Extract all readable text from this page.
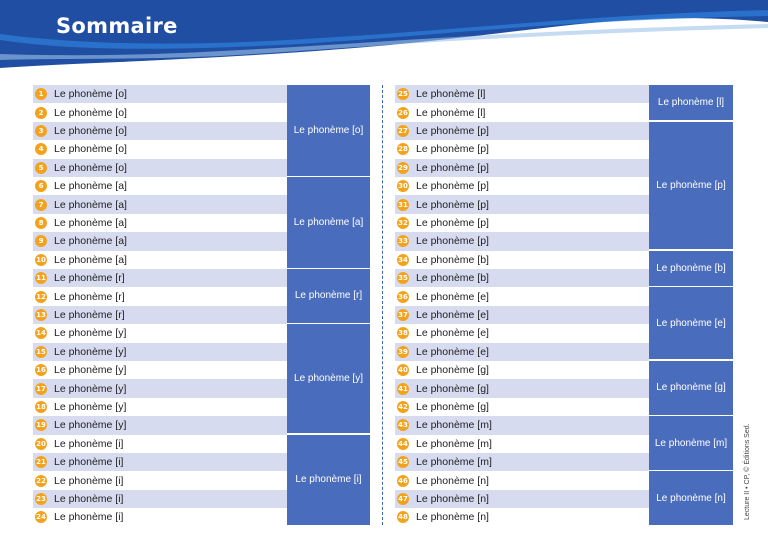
Sommaire
1	Le phonème [o]
2	Le phonème [o]
3	Le phonème [o]
4	Le phonème [o]
5	Le phonème [o]
6	Le phonème [a]
7	Le phonème [a]
8	Le phonème [a]
9	Le phonème [a]
10 Le phonème [a]
11 Le phonème [r]
12 Le phonème [r]
13 Le phonème [r]
14 Le phonème [y]
15 Le phonème [y]
16 Le phonème [y]
17 Le phonème [y]
18 Le phonème [y]
19 Le phonème [y]
20 Le phonème [i]
21 Le phonème [i]
22 Le phonème [i]
23 Le phonème [i]
24 Le phonème [i]
25 Le phonème [l]
26 Le phonème [l]
27 Le phonème [p]
28 Le phonème [p]
29 Le phonème [p]
30 Le phonème [p]
31 Le phonème [p]
32 Le phonème [p]
33 Le phonème [p]
34 Le phonème [b]
35 Le phonème [b]
36 Le phonème [e]
37 Le phonème [e]
38 Le phonème [e]
39 Le phonème [e]
40 Le phonème [g]
41 Le phonème [g]
42 Le phonème [g]
43 Le phonème [m]
44 Le phonème [m]
45 Le phonème [m]
46 Le phonème [n]
47 Le phonème [n]
48 Le phonème [n]
Le phonème [o]
Le phonème [a]
Le phonème [r]
Le phonème [y]
Le phonème [i]
Le phonème [l]
Le phonème [p]
Le phonème [b]
Le phonème [e]
Le phonème [g]
Le phonème [m]
Le phonème [n]	Lecture II • CP, © Éditions Sed.
